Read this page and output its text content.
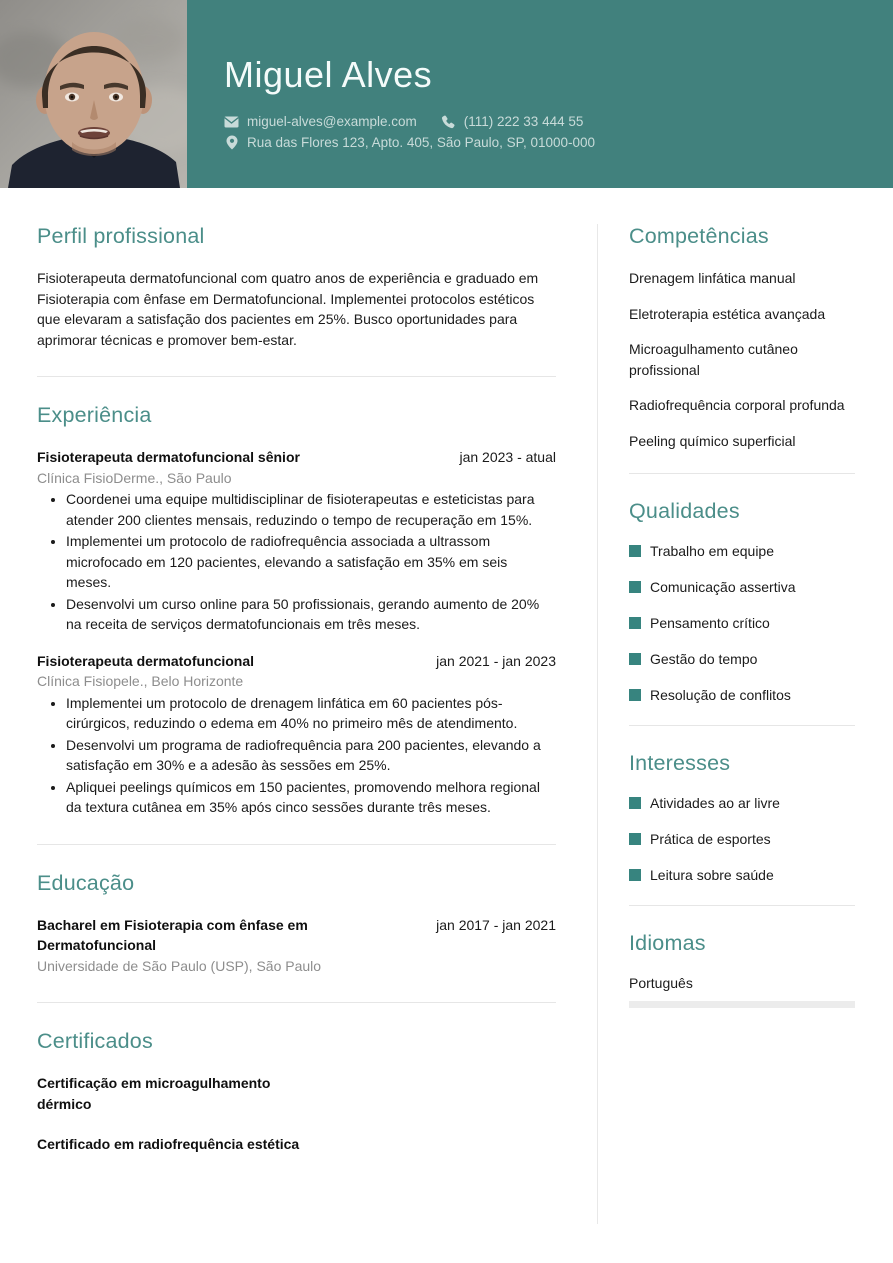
Miguel Alves
miguel-alves@example.com	(111) 222 33 444 55
Rua das Flores 123, Apto. 405, São Paulo, SP, 01000-000
Perfil profissional

Fisioterapeuta dermatofuncional com quatro anos de experiência e graduado em Fisioterapia com ênfase em Dermatofuncional. Implementei protocolos estéticos que elevaram a satisfação dos pacientes em 25%. Busco oportunidades para aprimorar técnicas e promover bem-estar.

Experiência
Fisioterapeuta dermatofuncional sênior	jan 2023 - atual
Clínica FisioDerme., São Paulo
• Coordenei uma equipe multidisciplinar de fisioterapeutas e esteticistas para atender 200 clientes mensais, reduzindo o tempo de recuperação em 15%.
• Implementei um protocolo de radiofrequência associada a ultrassom microfocado em 120 pacientes, elevando a satisfação em 35% em seis meses.
• Desenvolvi um curso online para 50 profissionais, gerando aumento de 20% na receita de serviços dermatofuncionais em três meses.
Fisioterapeuta dermatofuncional	jan 2021 - jan 2023
Clínica Fisiopele., Belo Horizonte
• Implementei um protocolo de drenagem linfática em 60 pacientes pós-cirúrgicos, reduzindo o edema em 40% no primeiro mês de atendimento.
• Desenvolvi um programa de radiofrequência para 200 pacientes, elevando a satisfação em 30% e a adesão às sessões em 25%.
• Apliquei peelings químicos em 150 pacientes, promovendo melhora regional da textura cutânea em 35% após cinco sessões durante três meses.
Educação
Bacharel em Fisioterapia com ênfase em Dermatofuncional
jan 2017 - jan 2021
Universidade de São Paulo (USP), São Paulo
Certificados

Certificação em microagulhamento dérmico

Certificado em radiofrequência estética

Competências
Drenagem linfática manual
Eletroterapia estética avançada
Microagulhamento cutâneo profissional
Radiofrequência corporal profunda
Peeling químico superficial
Qualidades
Trabalho em equipe
Comunicação assertiva
Pensamento crítico
Gestão do tempo
Resolução de conflitos
Interesses
Atividades ao ar livre
Prática de esportes
Leitura sobre saúde
Idiomas

Português
